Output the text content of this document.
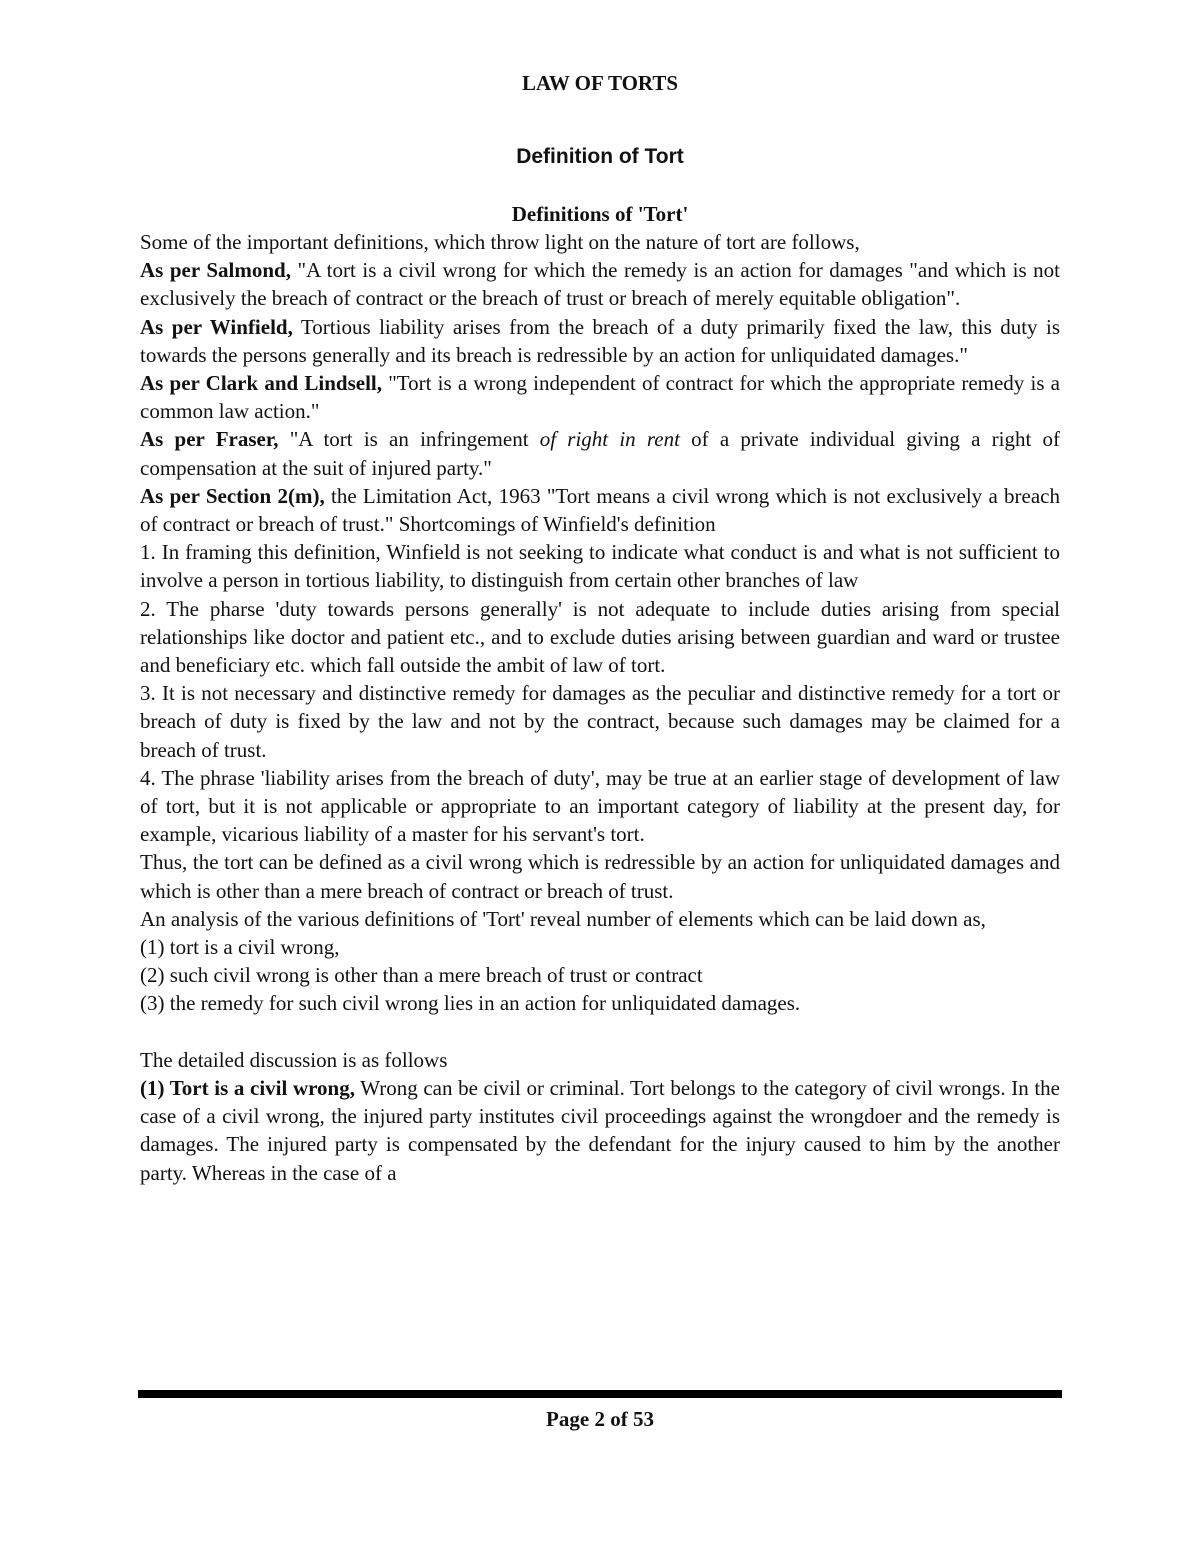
LAW OF TORTS
Definition of Tort
Definitions of 'Tort'

Some of the important definitions, which throw light on the nature of tort are follows,

As per Salmond, "A tort is a civil wrong for which the remedy is an action for damages "and which is not exclusively the breach of contract or the breach of trust or breach of merely equitable obligation".

As per Winfield, Tortious liability arises from the breach of a duty primarily fixed the law, this duty is towards the persons generally and its breach is redressible by an action for unliquidated damages."

As per Clark and Lindsell, "Tort is a wrong independent of contract for which the appropriate remedy is a common law action."

As per Fraser, "A tort is an infringement of right in rent of a private individual giving a right of compensation at the suit of injured party."

As per Section 2(m), the Limitation Act, 1963 "Tort means a civil wrong which is not exclusively a breach of contract or breach of trust." Shortcomings of Winfield's definition

1. In framing this definition, Winfield is not seeking to indicate what conduct is and what is not sufficient to involve a person in tortious liability, to distinguish from certain other branches of law

2. The pharse 'duty towards persons generally' is not adequate to include duties arising from special relationships like doctor and patient etc., and to exclude duties arising between guardian and ward or trustee and beneficiary etc. which fall outside the ambit of law of tort.

3. It is not necessary and distinctive remedy for damages as the peculiar and distinctive remedy for a tort or breach of duty is fixed by the law and not by the contract, because such damages may be claimed for a breach of trust.

4. The phrase 'liability arises from the breach of duty', may be true at an earlier stage of development of law of tort, but it is not applicable or appropriate to an important category of liability at the present day, for example, vicarious liability of a master for his servant's tort.

Thus, the tort can be defined as a civil wrong which is redressible by an action for unliquidated damages and which is other than a mere breach of contract or breach of trust.

An analysis of the various definitions of 'Tort' reveal number of elements which can be laid down as,

(1) tort is a civil wrong,

(2) such civil wrong is other than a mere breach of trust or contract

(3) the remedy for such civil wrong lies in an action for unliquidated damages.

The detailed discussion is as follows

(1) Tort is a civil wrong, Wrong can be civil or criminal. Tort belongs to the category of civil wrongs. In the case of a civil wrong, the injured party institutes civil proceedings against the wrongdoer and the remedy is damages. The injured party is compensated by the defendant for the injury caused to him by the another party. Whereas in the case of a

Page 2 of 53
